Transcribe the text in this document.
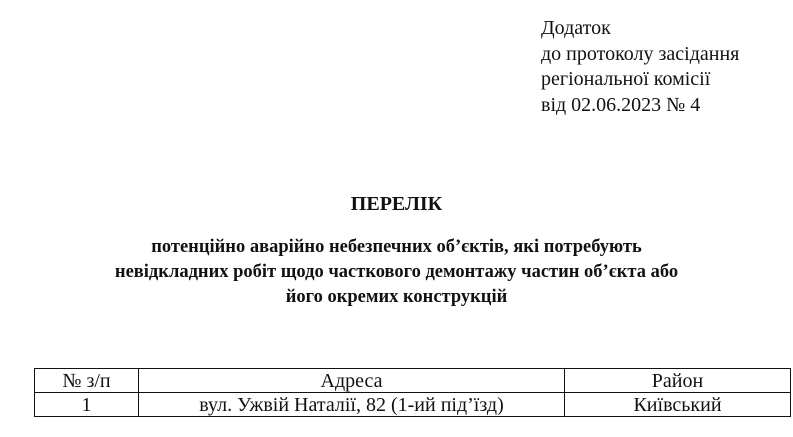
Додаток
до протоколу засідання
регіональної комісії
від 02.06.2023 № 4
ПЕРЕЛІК
потенційно аварійно небезпечних об’єктів, які потребують
невідкладних робіт щодо часткового демонтажу частин об’єкта або
його окремих конструкцій
№ з/п	Адреса	Район
1	вул. Ужвій Наталії, 82 (1-ий під’їзд)	Київський
